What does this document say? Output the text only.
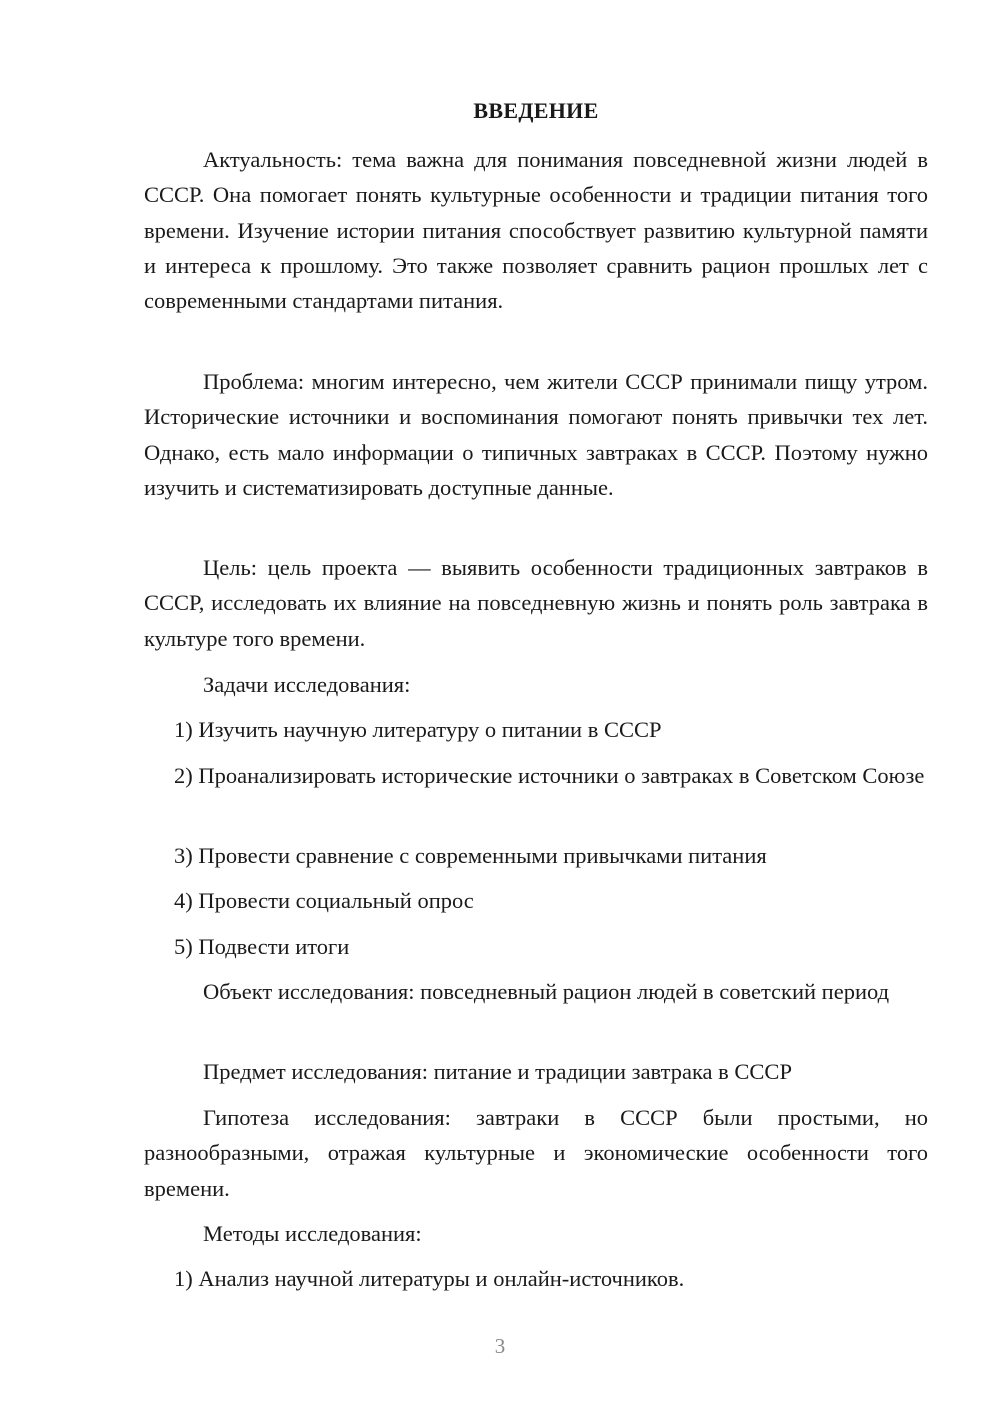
ВВЕДЕНИЕ

Актуальность: тема важна для понимания повседневной жизни людей в СССР. Она помогает понять культурные особенности и традиции питания того времени. Изучение истории питания способствует развитию культурной памяти и интереса к прошлому. Это также позволяет сравнить рацион прошлых лет с современными стандартами питания.

Проблема: многим интересно, чем жители СССР принимали пищу утром. Исторические источники и воспоминания помогают понять привычки тех лет. Однако, есть мало информации о типичных завтраках в СССР. Поэтому нужно изучить и систематизировать доступные данные.

Цель: цель проекта — выявить особенности традиционных завтраков в СССР, исследовать их влияние на повседневную жизнь и понять роль завтрака в культуре того времени.

Задачи исследования:

1) Изучить научную литературу о питании в СССР

2) Проанализировать исторические источники о завтраках в Советском Союзе

3) Провести сравнение с современными привычками питания

4) Провести социальный опрос

5) Подвести итоги

Объект исследования: повседневный рацион людей в советский период

Предмет исследования: питание и традиции завтрака в СССР

Гипотеза исследования: завтраки в СССР были простыми, но разнообразными, отражая культурные и экономические особенности того времени.

Методы исследования:

1) Анализ научной литературы и онлайн-источников.

3
